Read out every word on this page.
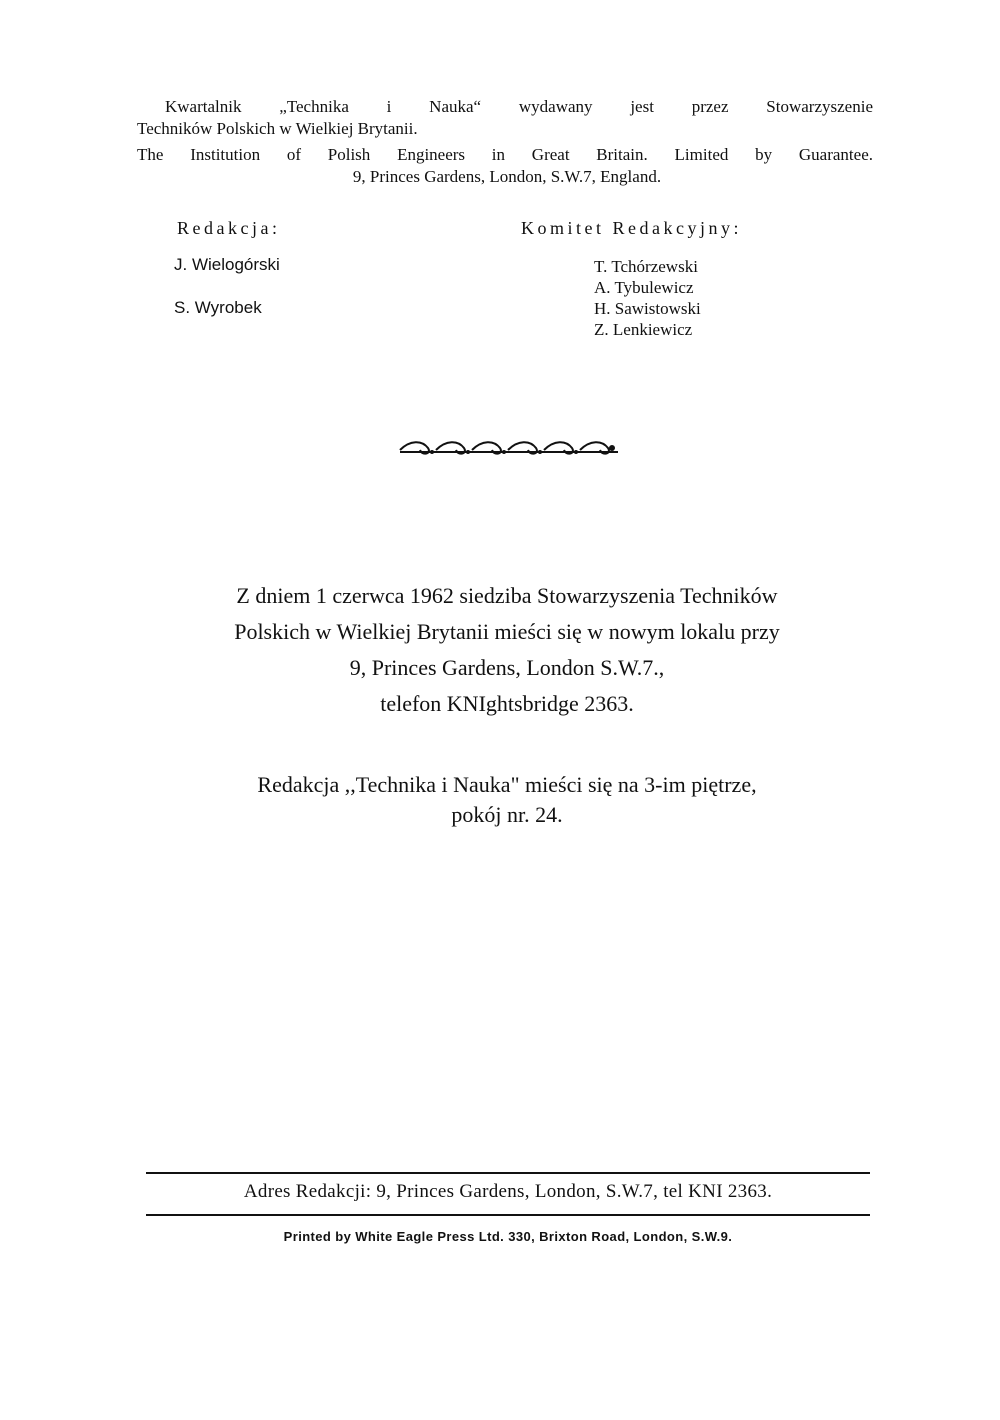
Kwartalnik „Technika i Nauka“ wydawany jest przez Stowarzyszenie
Techników Polskich w Wielkiej Brytanii.
The Institution of Polish Engineers in Great Britain. Limited by Guarantee.
9, Princes Gardens, London, S.W.7, England.
Redakcja:	Komitet Redakcyjny:
J. Wielogórski
S. Wyrobek
T. Tchórzewski
A. Tybulewicz
H. Sawistowski
Z. Lenkiewicz
Z dniem 1 czerwca 1962 siedziba Stowarzyszenia Techników
Polskich w Wielkiej Brytanii mieści się w nowym lokalu przy
9, Princes Gardens, London S.W.7.,
telefon KNIghtsbridge 2363.
Redakcja ,,Technika i Nauka" mieści się na 3-im piętrze,
pokój nr. 24.
Adres Redakcji: 9, Princes Gardens, London, S.W.7, tel KNI 2363.
Printed by White Eagle Press Ltd. 330, Brixton Road, London, S.W.9.
